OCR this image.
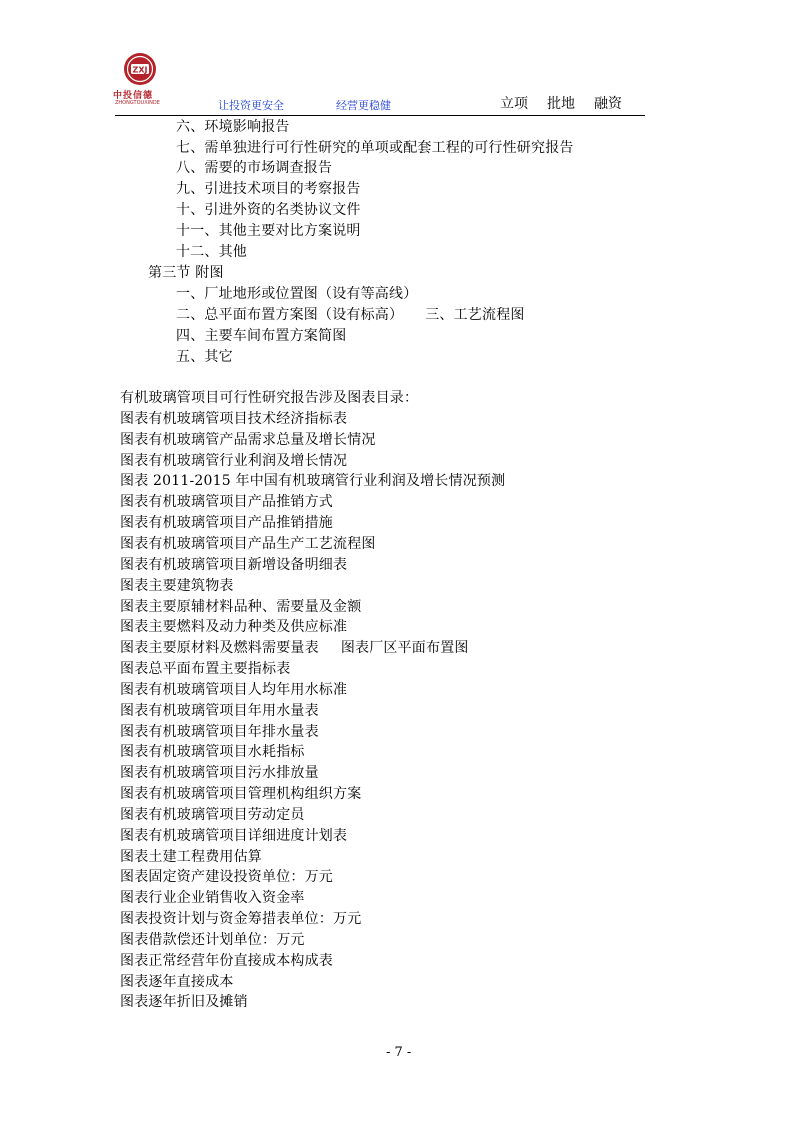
ZXJ
中投信德
ZHONGTOUXINDE	让投资更安全	经营更稳健	立项 批地 融资
六、环境影响报告
七、需单独进行可行性研究的单项或配套工程的可行性研究报告
八、需要的市场调查报告
九、引进技术项目的考察报告
十、引进外资的名类协议文件
十一、其他主要对比方案说明
十二、其他
第三节 附图
一、厂址地形或位置图（设有等高线）
二、总平面布置方案图（设有标高） 三、工艺流程图
四、主要车间布置方案简图
五、其它
有机玻璃管项目可行性研究报告涉及图表目录：
图表有机玻璃管项目技术经济指标表
图表有机玻璃管产品需求总量及增长情况
图表有机玻璃管行业利润及增长情况
图表 2011-2015 年中国有机玻璃管行业利润及增长情况预测
图表有机玻璃管项目产品推销方式
图表有机玻璃管项目产品推销措施
图表有机玻璃管项目产品生产工艺流程图
图表有机玻璃管项目新增设备明细表
图表主要建筑物表
图表主要原辅材料品种、需要量及金额
图表主要燃料及动力种类及供应标准
图表主要原材料及燃料需要量表 图表厂区平面布置图
图表总平面布置主要指标表
图表有机玻璃管项目人均年用水标准
图表有机玻璃管项目年用水量表
图表有机玻璃管项目年排水量表
图表有机玻璃管项目水耗指标
图表有机玻璃管项目污水排放量
图表有机玻璃管项目管理机构组织方案
图表有机玻璃管项目劳动定员
图表有机玻璃管项目详细进度计划表
图表土建工程费用估算
图表固定资产建设投资单位：万元
图表行业企业销售收入资金率
图表投资计划与资金筹措表单位：万元
图表借款偿还计划单位：万元
图表正常经营年份直接成本构成表
图表逐年直接成本
图表逐年折旧及摊销
- 7 -
